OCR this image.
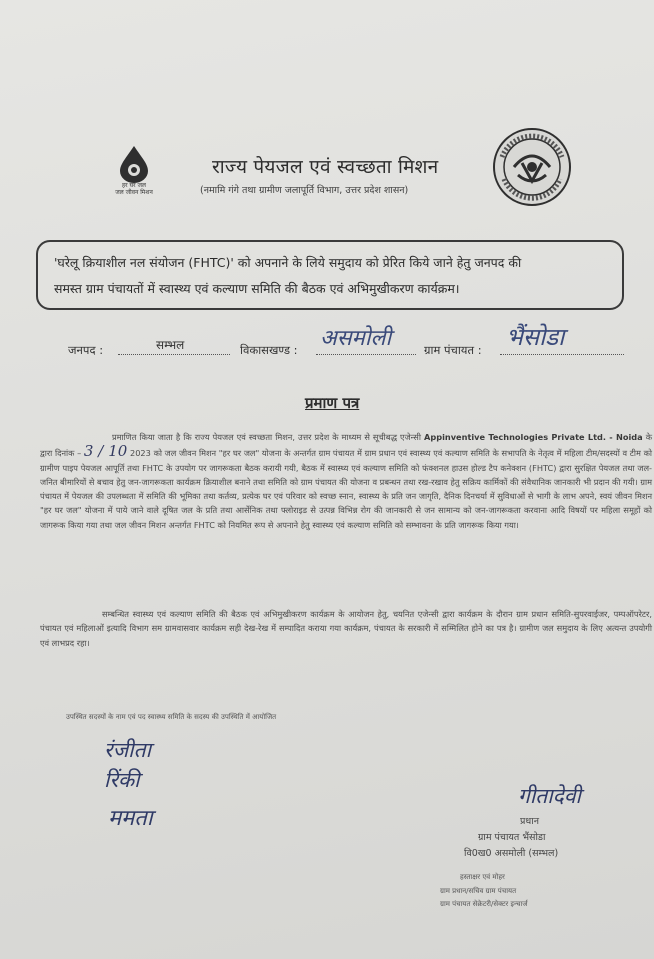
हर घर जल
जल जीवन मिशन
राज्य पेयजल एवं स्वच्छता मिशन
(नमामि गंगे तथा ग्रामीण जलापूर्ति विभाग, उत्तर प्रदेश शासन)
'घरेलू क्रियाशील नल संयोजन (FHTC)' को अपनाने के लिये समुदाय को प्रेरित किये जाने हेतु जनपद की
समस्त ग्राम पंचायतों में स्वास्थ्य एवं कल्याण समिति की बैठक एवं अभिमुखीकरण कार्यक्रम।
जनपद :	सम्भल	विकासखण्ड : असमोली	ग्राम पंचायत : भैंसोडा
प्रमाण पत्र
प्रमाणित किया जाता है कि राज्य पेयजल एवं स्वच्छता मिशन, उत्तर प्रदेश के माध्यम से सूचीबद्ध एजेन्सी Appinventive Technologies Private Ltd. - Noida के द्वारा दिनांक – 3 / 10 2023 को जल जीवन मिशन "हर घर जल" योजना के अन्तर्गत ग्राम पंचायत में ग्राम प्रधान एवं स्वास्थ्य एवं कल्याण समिति के सभापति के नेतृत्व में महिला टीम/सदस्यों व टीम को ग्रामीण पाइप पेयजल आपूर्ति तथा FHTC के उपयोग पर जागरूकता बैठक करायी गयी, बैठक में स्वास्थ्य एवं कल्याण समिति को फंक्शनल हाउस होल्ड टैप कनेक्शन (FHTC) द्वारा सुरक्षित पेयजल तथा जल-जनित बीमारियों से बचाव हेतु जन-जागरूकता कार्यक्रम क्रियाशील बनाने तथा समिति को ग्राम पंचायत की योजना व प्रबन्धन तथा रख-रखाव हेतु सक्रिय कार्मिकों की संवैधानिक जानकारी भी प्रदान की गयी। ग्राम पंचायत में पेयजल की उपलब्धता में समिति की भूमिका तथा कर्तव्य, प्रत्येक घर एवं परिवार को स्वच्छ स्नान, स्वास्थ्य के प्रति जन जागृति, दैनिक दिनचर्या में सुविधाओं से भागी के लाभ अपने, स्वयं जीवन मिशन "हर घर जल" योजना में पाये जाने वाले दूषित जल के प्रति तथा आर्सेनिक तथा फ्लोराइड से उत्पन्न विभिन्न रोग की जानकारी से जन सामान्य को जन-जागरूकता करवाना आदि विषयों पर महिला समूहों को जागरूक किया गया तथा जल जीवन मिशन अन्तर्गत FHTC को नियमित रूप से अपनाने हेतु स्वास्थ्य एवं कल्याण समिति को सम्भावना के प्रति जागरूक किया गया।
सम्बन्धित स्वास्थ्य एवं कल्याण समिति की बैठक एवं अभिमुखीकरण कार्यक्रम के आयोजन हेतु, चयनित एजेन्सी द्वारा कार्यक्रम के दौरान ग्राम प्रधान समिति-सुपरवाईजर, पम्पऑपरेटर, पंचायत एवं महिलाओं इत्यादि विभाग सम ग्रामवासवार कार्यक्रम सही देख-रेख में सम्पादित कराया गया कार्यक्रम, पंचायत के सरकारी में सम्मिलित होने का पत्र है। ग्रामीण जल समुदाय के लिए अत्यन्त उपयोगी एवं लाभप्रद रहा।
उपस्थित सदस्यों के नाम एवं पद स्वास्थ्य समिति के सदस्य की उपस्थिति में आयोजित
रंजीता
रिंकी
ममता
गीतादेवी
प्रधान
ग्राम पंचायत भैंसोडा
वि0ख0 असमोली (सम्भल)
हस्ताक्षर एवं मोहर
ग्राम प्रधान/सचिव ग्राम पंचायत
ग्राम पंचायत सेक्रेटरी/सेक्टर इन्चार्ज
